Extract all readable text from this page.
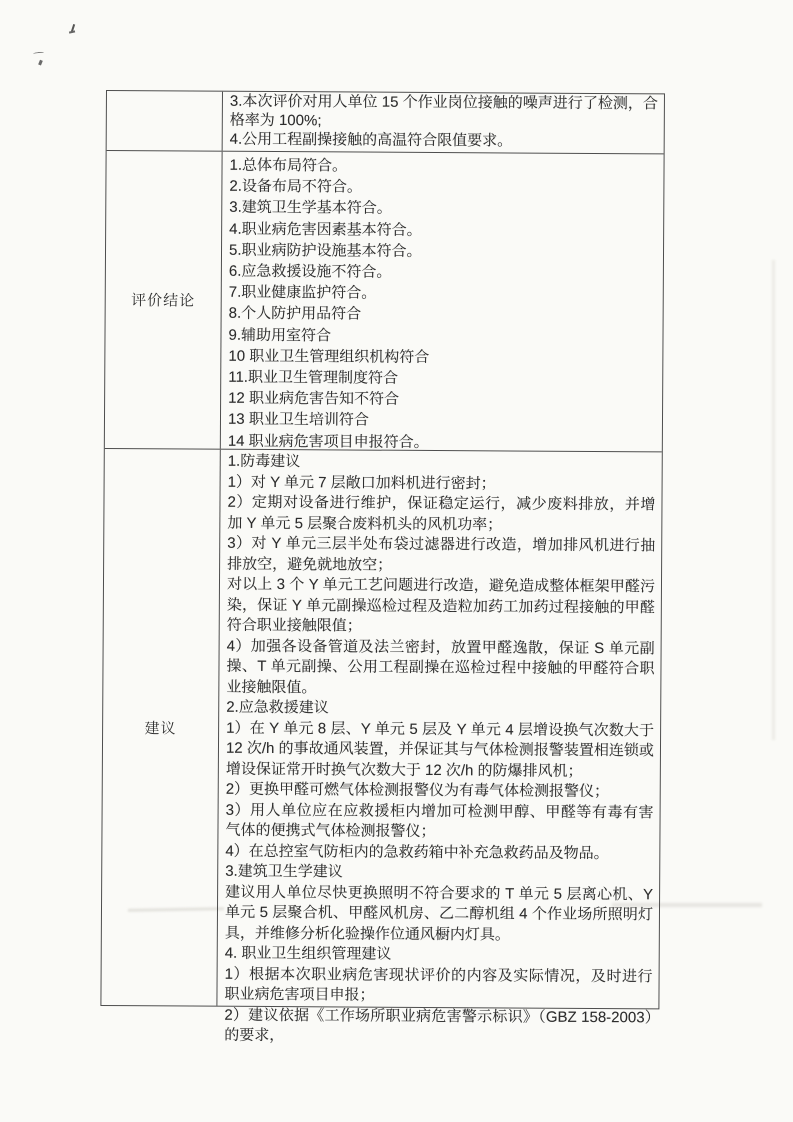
3.本次评价对用人单位 15 个作业岗位接触的噪声进行了检测，合格率为 100%;

4.公用工程副操接触的高温符合限值要求。

评价结论

1.总体布局符合。

2.设备布局不符合。

3.建筑卫生学基本符合。

4.职业病危害因素基本符合。

5.职业病防护设施基本符合。

6.应急救援设施不符合。

7.职业健康监护符合。

8.个人防护用品符合

9.辅助用室符合

10 职业卫生管理组织机构符合

11.职业卫生管理制度符合

12 职业病危害告知不符合

13 职业卫生培训符合

14 职业病危害项目申报符合。

建议

1.防毒建议

1）对 Y 单元 7 层敞口加料机进行密封；

2）定期对设备进行维护，保证稳定运行，减少废料排放，并增加 Y 单元 5 层聚合废料机头的风机功率；

3）对 Y 单元三层半处布袋过滤器进行改造，增加排风机进行抽排放空，避免就地放空；

对以上 3 个 Y 单元工艺问题进行改造，避免造成整体框架甲醛污染，保证 Y 单元副操巡检过程及造粒加药工加药过程接触的甲醛符合职业接触限值；

4）加强各设备管道及法兰密封，放置甲醛逸散，保证 S 单元副操、T 单元副操、公用工程副操在巡检过程中接触的甲醛符合职业接触限值。

2.应急救援建议

1）在 Y 单元 8 层、Y 单元 5 层及 Y 单元 4 层增设换气次数大于 12 次/h 的事故通风装置，并保证其与气体检测报警装置相连锁或增设保证常开时换气次数大于 12 次/h 的防爆排风机；

2）更换甲醛可燃气体检测报警仪为有毒气体检测报警仪；

3）用人单位应在应救援柜内增加可检测甲醇、甲醛等有毒有害气体的便携式气体检测报警仪；

4）在总控室气防柜内的急救药箱中补充急救药品及物品。

3.建筑卫生学建议

建议用人单位尽快更换照明不符合要求的 T 单元 5 层离心机、Y 单元 5 层聚合机、甲醛风机房、乙二醇机组 4 个作业场所照明灯具，并维修分析化验操作位通风橱内灯具。

4. 职业卫生组织管理建议

1）根据本次职业病危害现状评价的内容及实际情况，及时进行职业病危害项目申报；

2）建议依据《工作场所职业病危害警示标识》（GBZ 158-2003）的要求，
